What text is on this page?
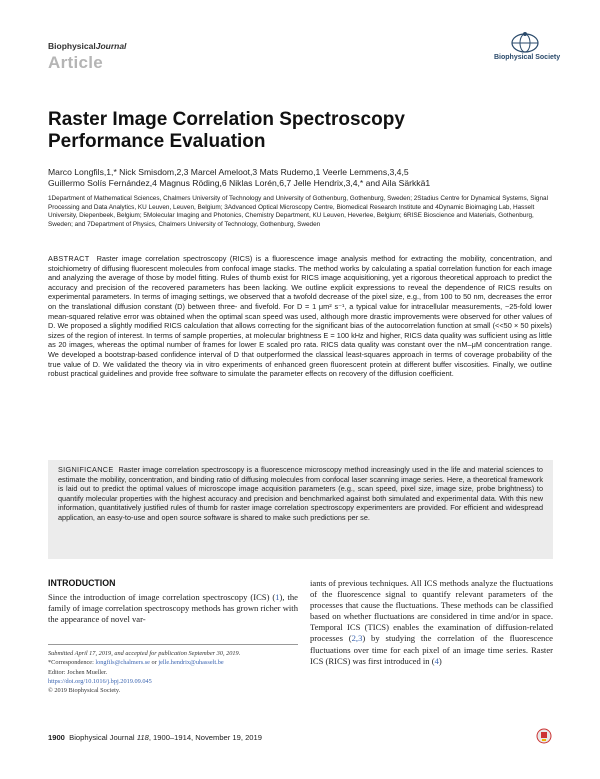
BiophysicalJournal
Article	Biophysical Society
Raster Image Correlation Spectroscopy Performance Evaluation
Marco Longfils,1,* Nick Smisdom,2,3 Marcel Ameloot,3 Mats Rudemo,1 Veerle Lemmens,3,4,5
Guillermo Solís Fernández,4 Magnus Röding,6 Niklas Lorén,6,7 Jelle Hendrix,3,4,* and Aila Särkkä1
1Department of Mathematical Sciences, Chalmers University of Technology and University of Gothenburg, Gothenburg, Sweden; 2Stadius Centre for Dynamical Systems, Signal Processing and Data Analytics, KU Leuven, Leuven, Belgium; 3Advanced Optical Microscopy Centre, Biomedical Research Institute and 4Dynamic Bioimaging Lab, Hasselt University, Diepenbeek, Belgium; 5Molecular Imaging and Photonics, Chemistry Department, KU Leuven, Heverlee, Belgium; 6RISE Bioscience and Materials, Gothenburg, Sweden; and 7Department of Physics, Chalmers University of Technology, Gothenburg, Sweden
ABSTRACT Raster image correlation spectroscopy (RICS) is a fluorescence image analysis method for extracting the mobility, concentration, and stoichiometry of diffusing fluorescent molecules from confocal image stacks. The method works by calculating a spatial correlation function for each image and analyzing the average of those by model fitting. Rules of thumb exist for RICS image acquisitioning, yet a rigorous theoretical approach to predict the accuracy and precision of the recovered parameters has been lacking. We outline explicit expressions to reveal the dependence of RICS results on experimental parameters. In terms of imaging settings, we observed that a twofold decrease of the pixel size, e.g., from 100 to 50 nm, decreases the error on the translational diffusion constant (D) between three- and fivefold. For D = 1 μm² s⁻¹, a typical value for intracellular measurements, ~25-fold lower mean-squared relative error was obtained when the optimal scan speed was used, although more drastic improvements were observed for other values of D. We proposed a slightly modified RICS calculation that allows correcting for the significant bias of the autocorrelation function at small (<<50 × 50 pixels) sizes of the region of interest. In terms of sample properties, at molecular brightness E = 100 kHz and higher, RICS data quality was sufficient using as little as 20 images, whereas the optimal number of frames for lower E scaled pro rata. RICS data quality was constant over the nM–μM concentration range. We developed a bootstrap-based confidence interval of D that outperformed the classical least-squares approach in terms of coverage probability of the true value of D. We validated the theory via in vitro experiments of enhanced green fluorescent protein at different buffer viscosities. Finally, we outline robust practical guidelines and provide free software to simulate the parameter effects on recovery of the diffusion coefficient.
SIGNIFICANCE Raster image correlation spectroscopy is a fluorescence microscopy method increasingly used in the life and material sciences to estimate the mobility, concentration, and binding ratio of diffusing molecules from confocal laser scanning image series. Here, a theoretical framework is laid out to predict the optimal values of microscope image acquisition parameters (e.g., scan speed, pixel size, image size, probe brightness) to quantify molecular properties with the highest accuracy and precision and benchmarked against both simulated and experimental data. With this new information, quantitatively justified rules of thumb for raster image correlation spectroscopy experimenters are provided. For efficient and widespread application, an easy-to-use and open source software is shared to make such predictions per se.
INTRODUCTION
Since the introduction of image correlation spectroscopy (ICS) (1), the family of image correlation spectroscopy methods has grown richer with the appearance of novel var-
iants of previous techniques. All ICS methods analyze the fluctuations of the fluorescence signal to quantify relevant parameters of the processes that cause the fluctuations. These methods can be classified based on whether fluctuations are considered in time and/or in space. Temporal ICS (TICS) enables the examination of diffusion-related processes (2,3) by studying the correlation of the fluorescence fluctuations over time for each pixel of an image time series. Raster ICS (RICS) was first introduced in (4)
Submitted April 17, 2019, and accepted for publication September 30, 2019.
*Correspondence: longfils@chalmers.se or jelle.hendrix@uhasselt.be
Editor: Jochen Mueller.
https://doi.org/10.1016/j.bpj.2019.09.045
© 2019 Biophysical Society.
1900 Biophysical Journal 118, 1900–1914, November 19, 2019
